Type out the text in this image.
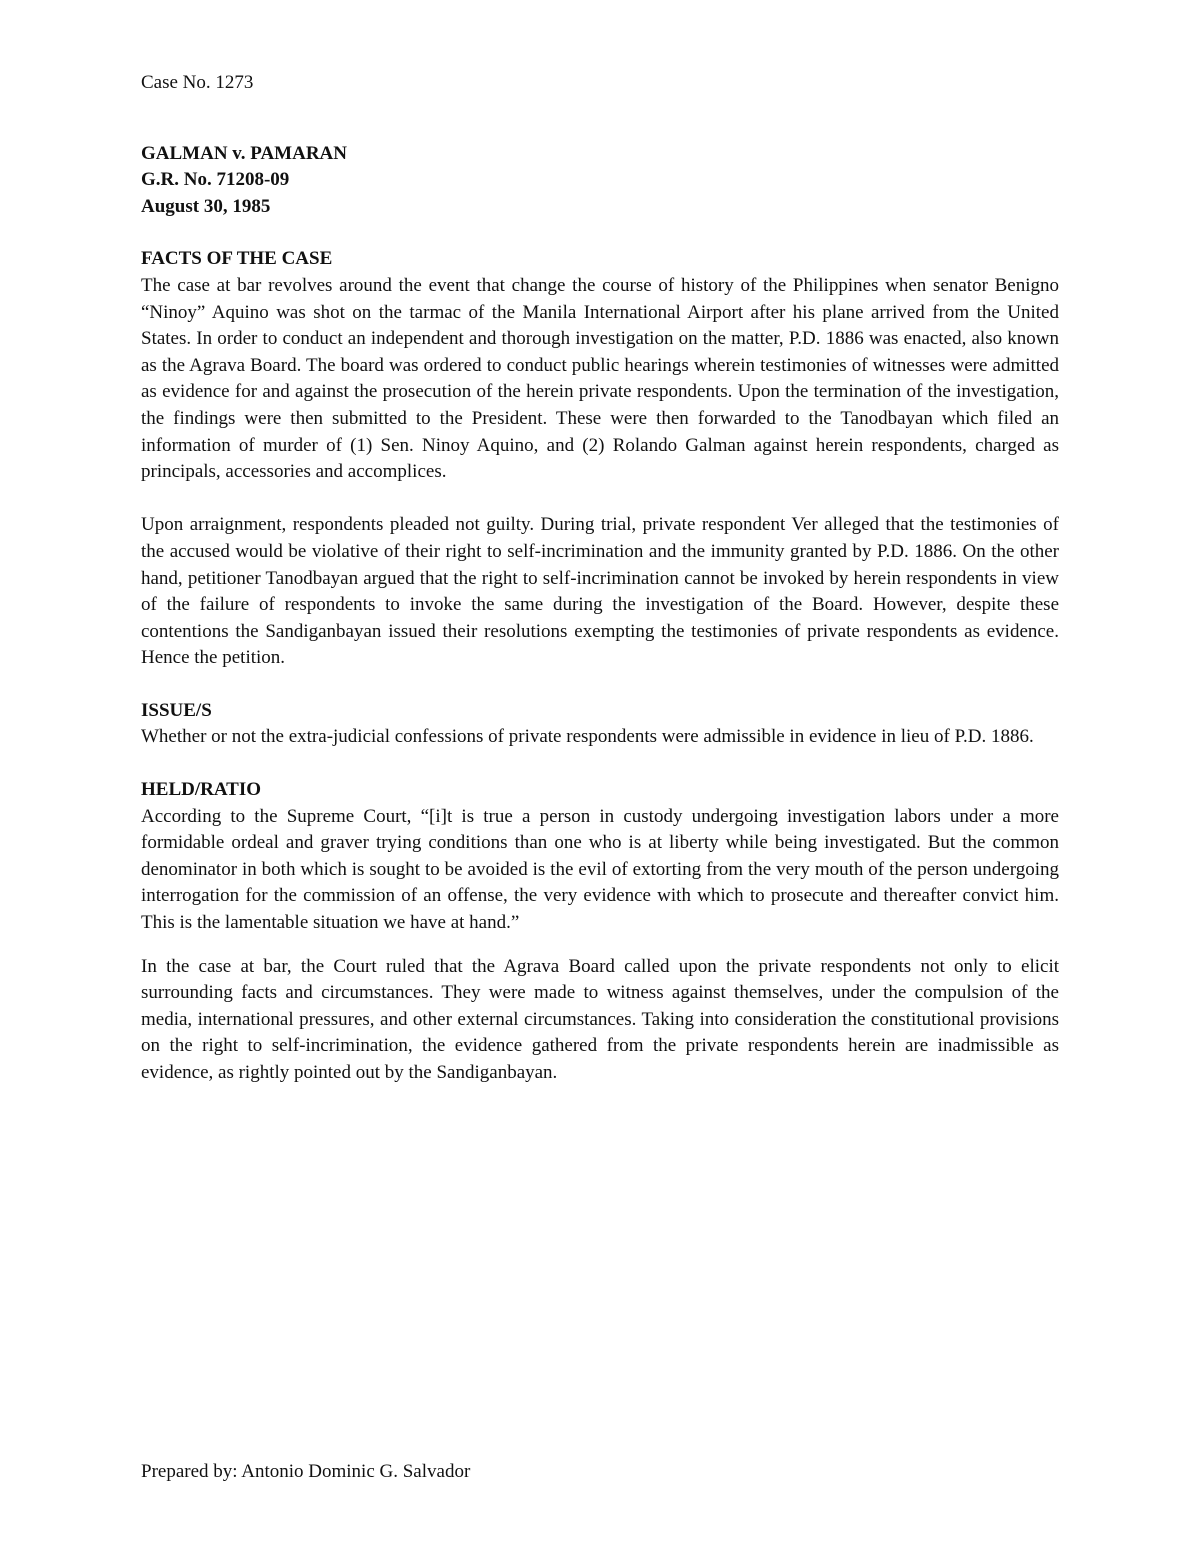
Case No. 1273
GALMAN v. PAMARAN
G.R. No. 71208-09
August 30, 1985
FACTS OF THE CASE

The case at bar revolves around the event that change the course of history of the Philippines when senator Benigno “Ninoy” Aquino was shot on the tarmac of the Manila International Airport after his plane arrived from the United States. In order to conduct an independent and thorough investigation on the matter, P.D. 1886 was enacted, also known as the Agrava Board. The board was ordered to conduct public hearings wherein testimonies of witnesses were admitted as evidence for and against the prosecution of the herein private respondents. Upon the termination of the investigation, the findings were then submitted to the President. These were then forwarded to the Tanodbayan which filed an information of murder of (1) Sen. Ninoy Aquino, and (2) Rolando Galman against herein respondents, charged as principals, accessories and accomplices.

Upon arraignment, respondents pleaded not guilty. During trial, private respondent Ver alleged that the testimonies of the accused would be violative of their right to self-incrimination and the immunity granted by P.D. 1886. On the other hand, petitioner Tanodbayan argued that the right to self-incrimination cannot be invoked by herein respondents in view of the failure of respondents to invoke the same during the investigation of the Board. However, despite these contentions the Sandiganbayan issued their resolutions exempting the testimonies of private respondents as evidence. Hence the petition.

ISSUE/S

Whether or not the extra-judicial confessions of private respondents were admissible in evidence in lieu of P.D. 1886.

HELD/RATIO

According to the Supreme Court, “[i]t is true a person in custody undergoing investigation labors under a more formidable ordeal and graver trying conditions than one who is at liberty while being investigated. But the common denominator in both which is sought to be avoided is the evil of extorting from the very mouth of the person undergoing interrogation for the commission of an offense, the very evidence with which to prosecute and thereafter convict him. This is the lamentable situation we have at hand.”

In the case at bar, the Court ruled that the Agrava Board called upon the private respondents not only to elicit surrounding facts and circumstances. They were made to witness against themselves, under the compulsion of the media, international pressures, and other external circumstances. Taking into consideration the constitutional provisions on the right to self-incrimination, the evidence gathered from the private respondents herein are inadmissible as evidence, as rightly pointed out by the Sandiganbayan.

Prepared by: Antonio Dominic G. Salvador
